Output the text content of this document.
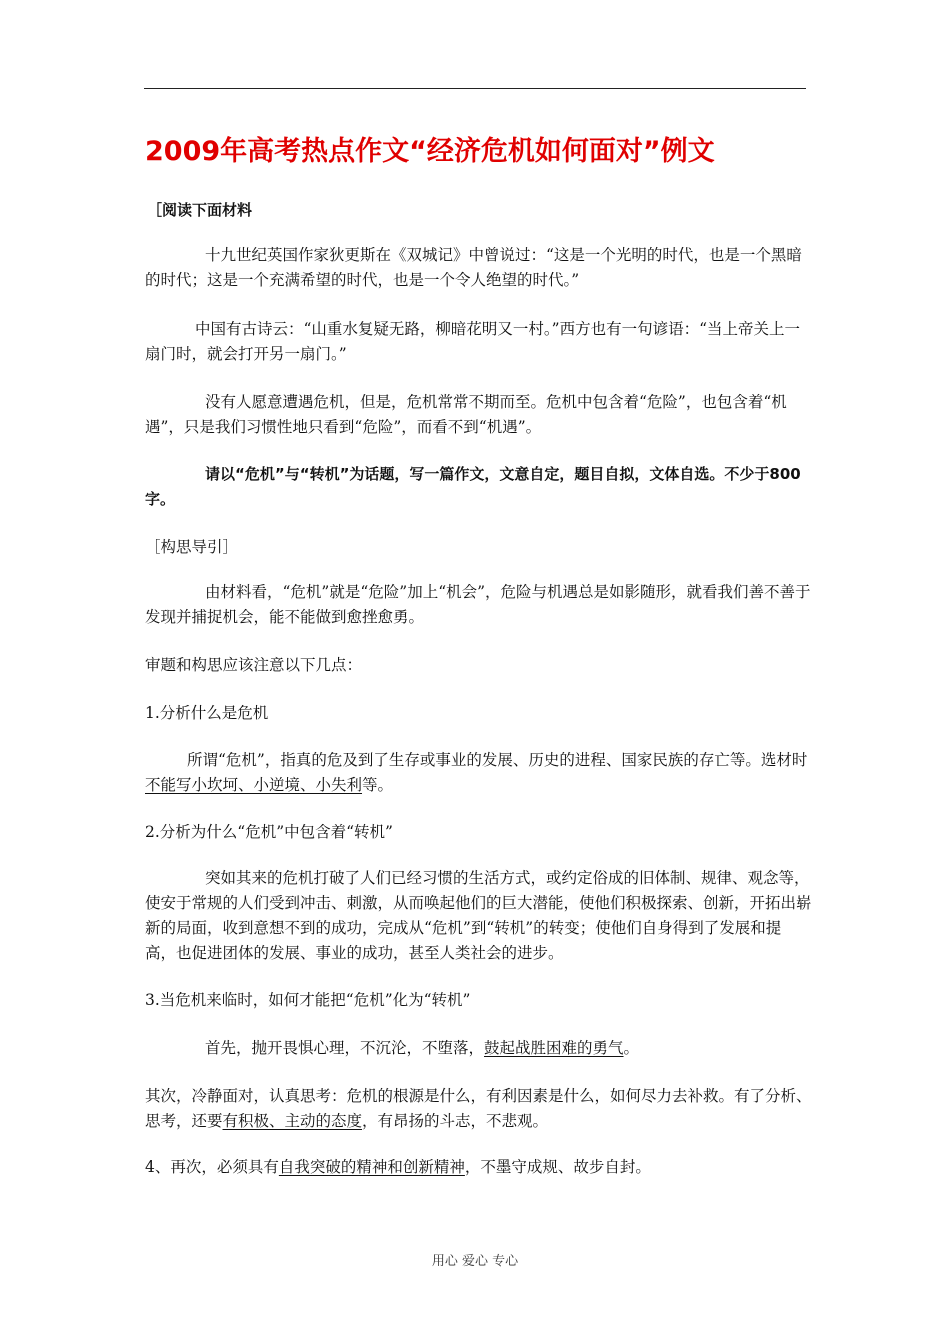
2009年高考热点作文“经济危机如何面对”例文

［阅读下面材料

十九世纪英国作家狄更斯在《双城记》中曾说过：“这是一个光明的时代，也是一个黑暗的时代；这是一个充满希望的时代，也是一个令人绝望的时代。”

中国有古诗云：“山重水复疑无路，柳暗花明又一村。”西方也有一句谚语：“当上帝关上一扇门时，就会打开另一扇门。”

没有人愿意遭遇危机，但是，危机常常不期而至。危机中包含着“危险”，也包含着“机遇”，只是我们习惯性地只看到“危险”，而看不到“机遇”。

请以“危机”与“转机”为话题，写一篇作文，文意自定，题目自拟，文体自选。不少于800字。

［构思导引］

由材料看，“危机”就是“危险”加上“机会”，危险与机遇总是如影随形，就看我们善不善于发现并捕捉机会，能不能做到愈挫愈勇。

审题和构思应该注意以下几点：

1.分析什么是危机

所谓“危机”，指真的危及到了生存或事业的发展、历史的进程、国家民族的存亡等。选材时不能写小坎坷、小逆境、小失利等。

2.分析为什么“危机”中包含着“转机”

突如其来的危机打破了人们已经习惯的生活方式，或约定俗成的旧体制、规律、观念等，使安于常规的人们受到冲击、刺激，从而唤起他们的巨大潜能，使他们积极探索、创新，开拓出崭新的局面，收到意想不到的成功，完成从“危机”到“转机”的转变；使他们自身得到了发展和提高，也促进团体的发展、事业的成功，甚至人类社会的进步。

3.当危机来临时，如何才能把“危机”化为“转机”

首先，抛开畏惧心理，不沉沦，不堕落，鼓起战胜困难的勇气。

其次，冷静面对，认真思考：危机的根源是什么，有利因素是什么，如何尽力去补救。有了分析、思考，还要有积极、主动的态度，有昂扬的斗志，不悲观。

4、再次，必须具有自我突破的精神和创新精神，不墨守成规、故步自封。

用心 爱心 专心
